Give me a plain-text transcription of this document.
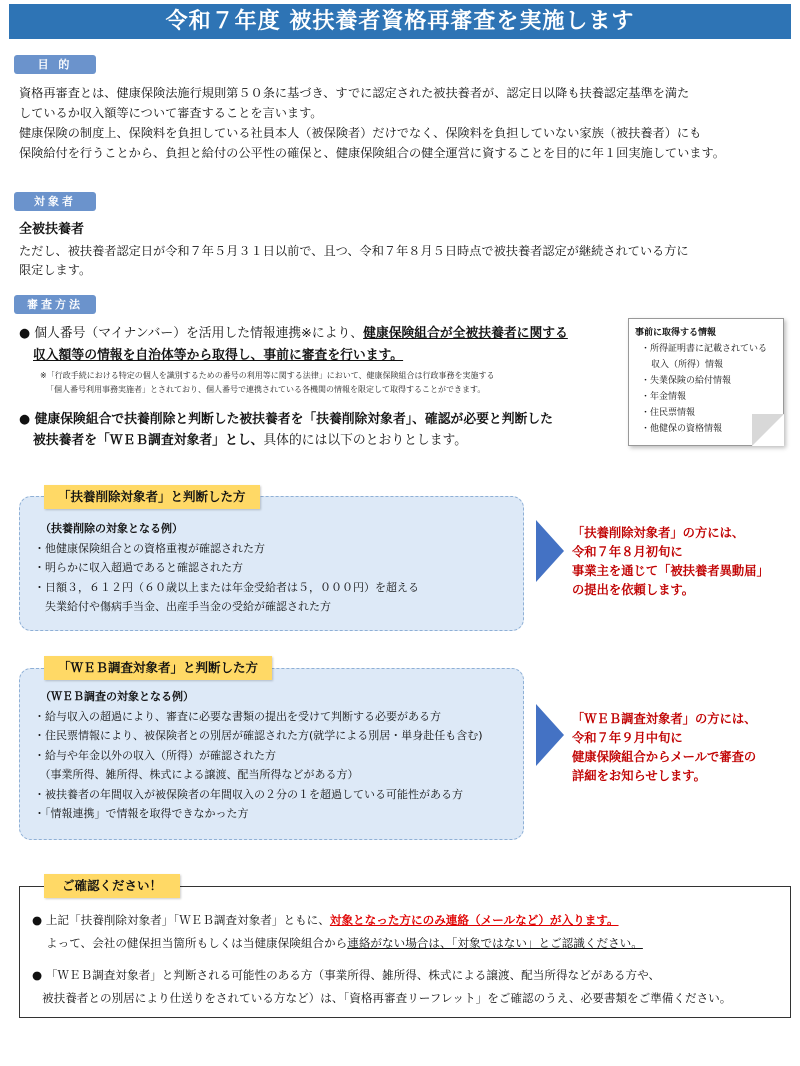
令和７年度 被扶養者資格再審査を実施します
目 的
資格再審査とは、健康保険法施行規則第５０条に基づき、すでに認定された被扶養者が、認定日以降も扶養認定基準を満た
しているか収入額等について審査することを言います。
健康保険の制度上、保険料を負担している社員本人（被保険者）だけでなく、保険料を負担していない家族（被扶養者）にも
保険給付を行うことから、負担と給付の公平性の確保と、健康保険組合の健全運営に資することを目的に年１回実施しています。
対象者
全被扶養者
ただし、被扶養者認定日が令和７年５月３１日以前で、且つ、令和７年８月５日時点で被扶養者認定が継続されている方に
限定します。
審査方法
● 個人番号（マイナンバー）を活用した情報連携※により、健康保険組合が全被扶養者に関する
収入額等の情報を自治体等から取得し、事前に審査を行います。
※「行政手続における特定の個人を識別するための番号の利用等に関する法律」において、健康保険組合は行政事務を実施する
「個人番号利用事務実施者」とされており、個人番号で連携されている各機関の情報を限定して取得することができます。
● 健康保険組合で扶養削除と判断した被扶養者を「扶養削除対象者」、確認が必要と判断した
被扶養者を「ＷＥＢ調査対象者」とし、具体的には以下のとおりとします。
事前に取得する情報
・所得証明書に記載されている
収入（所得）情報
・失業保険の給付情報
・年金情報
・住民票情報
・他健保の資格情報
（扶養削除の対象となる例）
・他健康保険組合との資格重複が確認された方
・明らかに収入超過であると確認された方
・日額３，６１２円（６０歳以上または年金受給者は５，０００円）を超える
　失業給付や傷病手当金、出産手当金の受給が確認された方
「扶養削除対象者」と判断した方
「扶養削除対象者」の方には、
令和７年８月初旬に
事業主を通じて「被扶養者異動届」
の提出を依頼します。
（ＷＥＢ調査の対象となる例）
・給与収入の超過により、審査に必要な書類の提出を受けて判断する必要がある方
・住民票情報により、被保険者との別居が確認された方(就学による別居・単身赴任も含む)
・給与や年金以外の収入（所得）が確認された方
　（事業所得、雑所得、株式による譲渡、配当所得などがある方）
・被扶養者の年間収入が被保険者の年間収入の２分の１を超過している可能性がある方
・「情報連携」で情報を取得できなかった方
「ＷＥＢ調査対象者」と判断した方
「ＷＥＢ調査対象者」の方には、
令和７年９月中旬に
健康保険組合からメールで審査の
詳細をお知らせします。
ご確認ください！
● 上記「扶養削除対象者」「ＷＥＢ調査対象者」ともに、対象となった方にのみ連絡（メールなど）が入ります。
よって、会社の健保担当箇所もしくは当健康保険組合から連絡がない場合は、「対象ではない」とご認識ください。
● 「ＷＥＢ調査対象者」と判断される可能性のある方（事業所得、雑所得、株式による譲渡、配当所得などがある方や、
被扶養者との別居により仕送りをされている方など）は、「資格再審査リーフレット」をご確認のうえ、必要書類をご準備ください。
